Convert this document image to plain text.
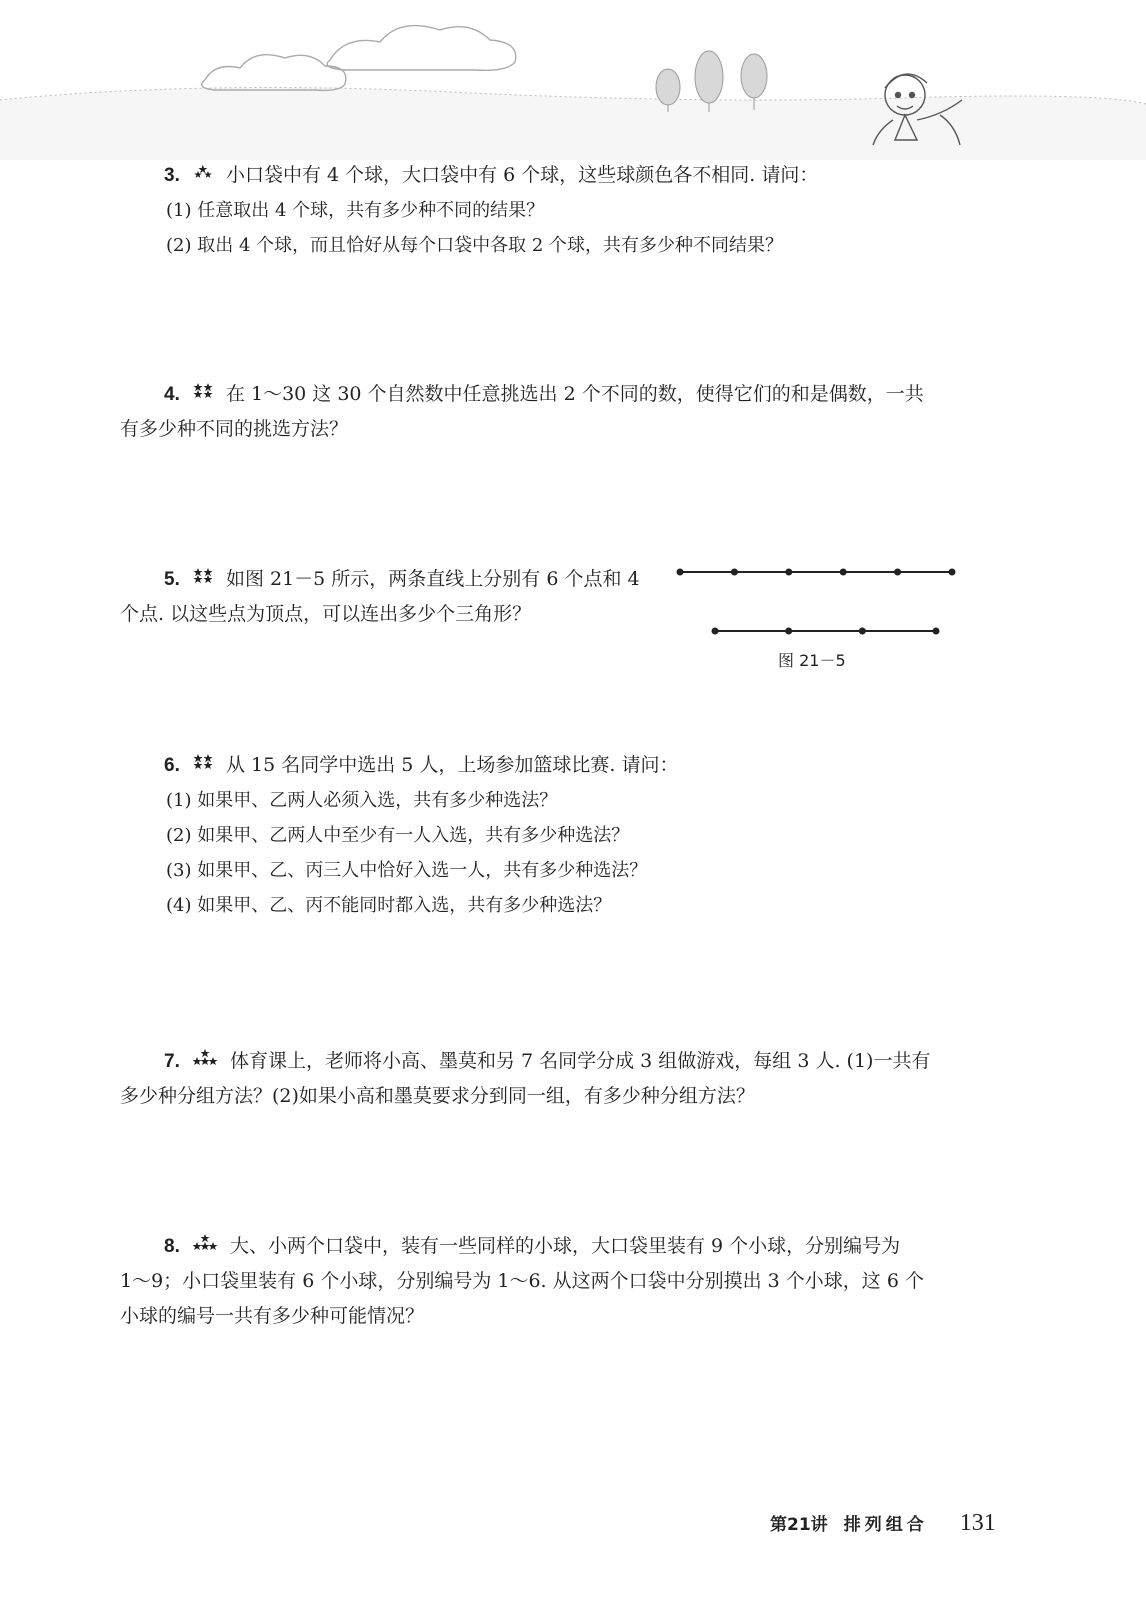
3. 小口袋中有 4 个球，大口袋中有 6 个球，这些球颜色各不相同. 请问：
(1) 任意取出 4 个球，共有多少种不同的结果？
(2) 取出 4 个球，而且恰好从每个口袋中各取 2 个球，共有多少种不同结果？
4. 在 1～30 这 30 个自然数中任意挑选出 2 个不同的数，使得它们的和是偶数，一共
有多少种不同的挑选方法？
5. 如图 21－5 所示，两条直线上分别有 6 个点和 4
个点. 以这些点为顶点，可以连出多少个三角形？
图 21－5
6. 从 15 名同学中选出 5 人，上场参加篮球比赛. 请问：
(1) 如果甲、乙两人必须入选，共有多少种选法？
(2) 如果甲、乙两人中至少有一人入选，共有多少种选法？
(3) 如果甲、乙、丙三人中恰好入选一人，共有多少种选法？
(4) 如果甲、乙、丙不能同时都入选，共有多少种选法？
7.	体育课上，老师将小高、墨莫和另 7 名同学分成 3 组做游戏，每组 3 人. (1)一共有
多少种分组方法？(2)如果小高和墨莫要求分到同一组，有多少种分组方法？
8.	大、小两个口袋中，装有一些同样的小球，大口袋里装有 9 个小球，分别编号为
1～9；小口袋里装有 6 个小球，分别编号为 1～6. 从这两个口袋中分别摸出 3 个小球，这 6 个
小球的编号一共有多少种可能情况？
第21讲 排列组合 131
